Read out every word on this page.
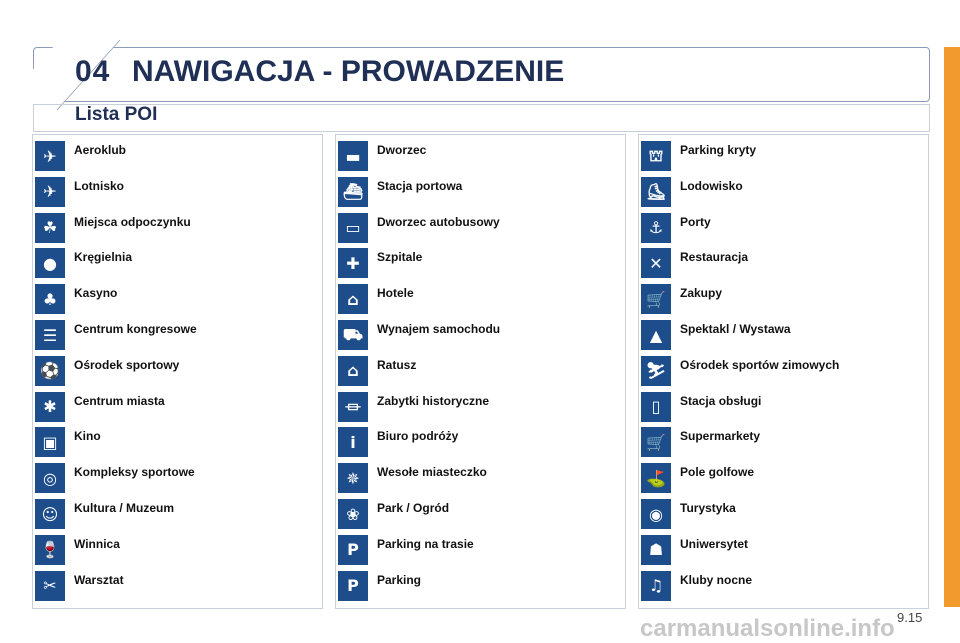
04 NAWIGACJA - PROWADZENIE
Lista POI
✈ Aeroklub
✈ Lotnisko
☘ Miejsca odpoczynku
● Kręgielnia
♣ Kasyno
☰ Centrum kongresowe
⚽ Ośrodek sportowy
✱ Centrum miasta
▣ Kino
◎ Kompleksy sportowe
☺ Kultura / Muzeum
🍷 Winnica
✂ Warsztat
▬ Dworzec
⛴ Stacja portowa
▭ Dworzec autobusowy
✚ Szpitale
⌂ Hotele
⛟ Wynajem samochodu
⌂ Ratusz
⏛ Zabytki historyczne
i Biuro podróży
✵ Wesołe miasteczko
❀ Park / Ogród
P Parking na trasie
P Parking
⛫ Parking kryty
⛸ Lodowisko
⚓ Porty
✕ Restauracja
🛒 Zakupy
▲ Spektakl / Wystawa
⛷ Ośrodek sportów zimowych
▯ Stacja obsługi
🛒 Supermarkety
⛳ Pole golfowe
◉ Turystyka
☗ Uniwersytet
♫ Kluby nocne
9.15
carmanualsonline.info
